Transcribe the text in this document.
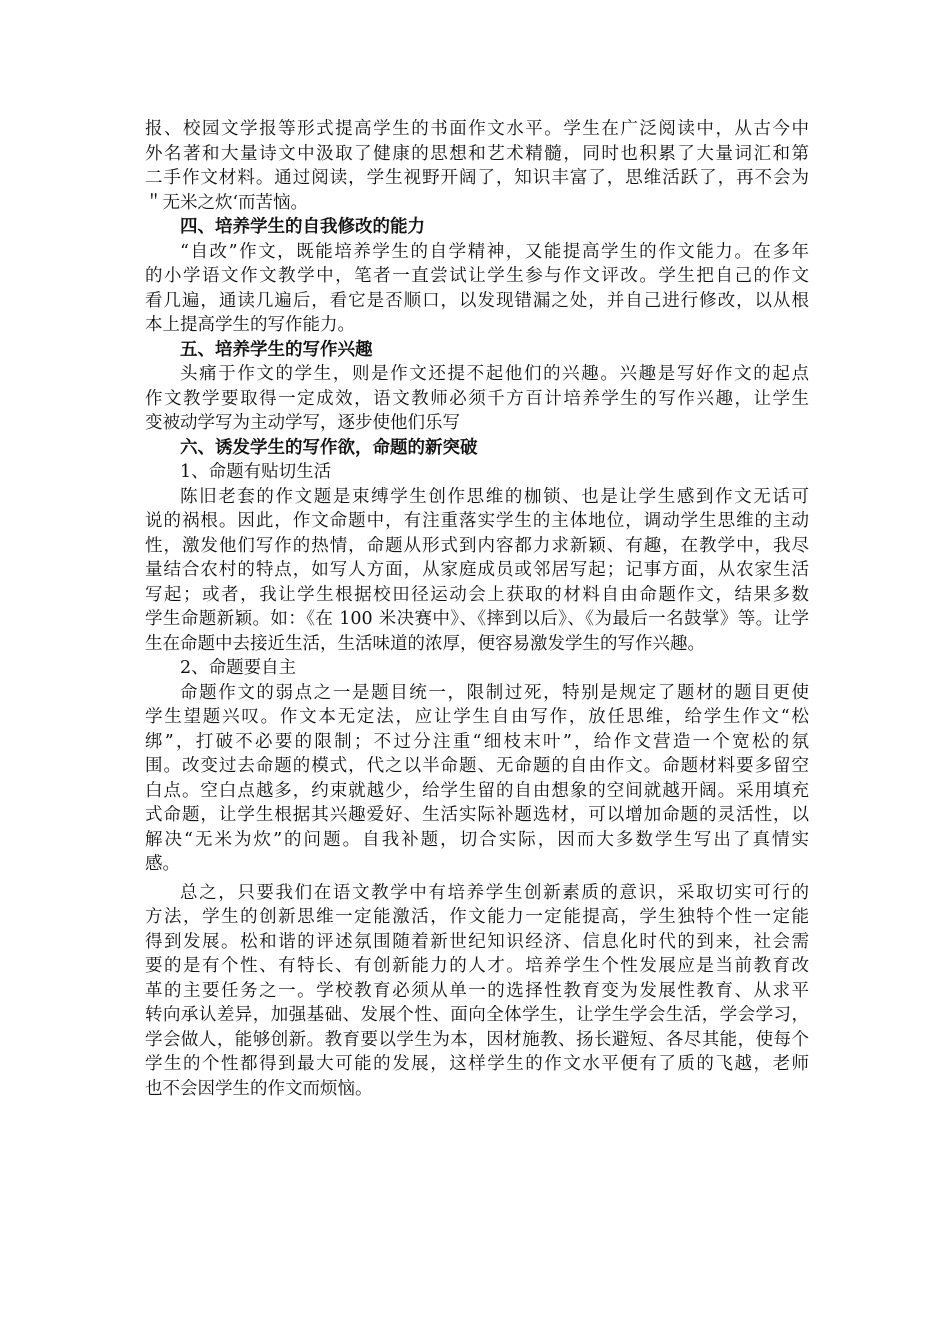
报、校园文学报等形式提高学生的书面作文水平。学生在广泛阅读中，从古今中

外名著和大量诗文中汲取了健康的思想和艺术精髓，同时也积累了大量词汇和第

二手作文材料。通过阅读，学生视野开阔了，知识丰富了，思维活跃了，再不会为

＂无米之炊‘而苦恼。

四、培养学生的自我修改的能力

“自改”作文，既能培养学生的自学精神，又能提高学生的作文能力。在多年

的小学语文作文教学中，笔者一直尝试让学生参与作文评改。学生把自己的作文

看几遍，通读几遍后，看它是否顺口，以发现错漏之处，并自己进行修改，以从根

本上提高学生的写作能力。

五、培养学生的写作兴趣

头痛于作文的学生，则是作文还提不起他们的兴趣。兴趣是写好作文的起点

作文教学要取得一定成效，语文教师必须千方百计培养学生的写作兴趣，让学生

变被动学写为主动学写，逐步使他们乐写

六、诱发学生的写作欲，命题的新突破

1、命题有贴切生活

陈旧老套的作文题是束缚学生创作思维的枷锁、也是让学生感到作文无话可

说的祸根。因此，作文命题中，有注重落实学生的主体地位，调动学生思维的主动

性，激发他们写作的热情，命题从形式到内容都力求新颖、有趣，在教学中，我尽

量结合农村的特点，如写人方面，从家庭成员或邻居写起；记事方面，从农家生活

写起；或者，我让学生根据校田径运动会上获取的材料自由命题作文，结果多数

学生命题新颖。如：《在 100 米决赛中》、《摔到以后》、《为最后一名鼓掌》等。让学

生在命题中去接近生活，生活味道的浓厚，便容易激发学生的写作兴趣。

2、命题要自主

命题作文的弱点之一是题目统一，限制过死，特别是规定了题材的题目更使

学生望题兴叹。作文本无定法，应让学生自由写作，放任思维，给学生作文“松

绑”，打破不必要的限制；不过分注重“细枝末叶”，给作文营造一个宽松的氛

围。改变过去命题的模式，代之以半命题、无命题的自由作文。命题材料要多留空

白点。空白点越多，约束就越少，给学生留的自由想象的空间就越开阔。采用填充

式命题，让学生根据其兴趣爱好、生活实际补题选材，可以增加命题的灵活性，以

解决“无米为炊”的问题。自我补题，切合实际，因而大多数学生写出了真情实

感。

总之，只要我们在语文教学中有培养学生创新素质的意识，采取切实可行的

方法，学生的创新思维一定能激活，作文能力一定能提高，学生独特个性一定能

得到发展。松和谐的评述氛围随着新世纪知识经济、信息化时代的到来，社会需

要的是有个性、有特长、有创新能力的人才。培养学生个性发展应是当前教育改

革的主要任务之一。学校教育必须从单一的选择性教育变为发展性教育、从求平

转向承认差异，加强基础、发展个性、面向全体学生，让学生学会生活，学会学习，

学会做人，能够创新。教育要以学生为本，因材施教、扬长避短、各尽其能，使每个

学生的个性都得到最大可能的发展，这样学生的作文水平便有了质的飞越，老师

也不会因学生的作文而烦恼。
